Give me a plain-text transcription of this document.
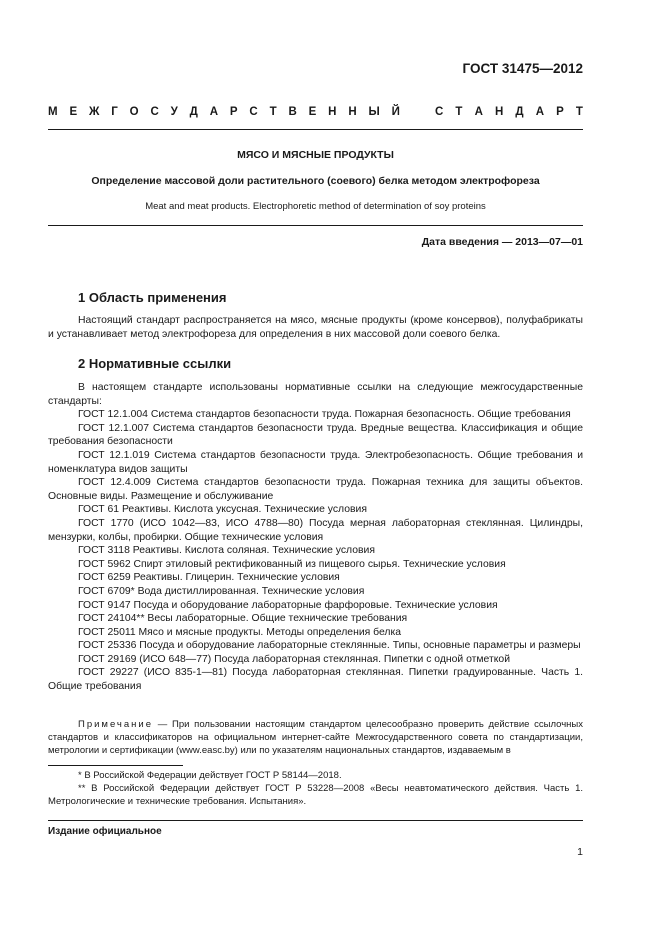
ГОСТ 31475—2012
М Е Ж Г О С У Д А Р С Т В Е Н Н Ы Й	С Т А Н Д А Р Т
МЯСО И МЯСНЫЕ ПРОДУКТЫ
Определение массовой доли растительного (соевого) белка методом электрофореза
Meat and meat products. Electrophoretic method of determination of soy proteins
Дата введения — 2013—07—01
1 Область применения

Настоящий стандарт распространяется на мясо, мясные продукты (кроме консервов), полуфабрикаты и устанавливает метод электрофореза для определения в них массовой доли соевого белка.

2 Нормативные ссылки

В настоящем стандарте использованы нормативные ссылки на следующие межгосударственные стандарты:

ГОСТ 12.1.004 Система стандартов безопасности труда. Пожарная безопасность. Общие требования

ГОСТ 12.1.007 Система стандартов безопасности труда. Вредные вещества. Классификация и общие требования безопасности

ГОСТ 12.1.019 Система стандартов безопасности труда. Электробезопасность. Общие требования и номенклатура видов защиты

ГОСТ 12.4.009 Система стандартов безопасности труда. Пожарная техника для защиты объектов. Основные виды. Размещение и обслуживание

ГОСТ 61 Реактивы. Кислота уксусная. Технические условия

ГОСТ 1770 (ИСО 1042—83, ИСО 4788—80) Посуда мерная лабораторная стеклянная. Цилиндры, мензурки, колбы, пробирки. Общие технические условия

ГОСТ 3118 Реактивы. Кислота соляная. Технические условия

ГОСТ 5962 Спирт этиловый ректификованный из пищевого сырья. Технические условия

ГОСТ 6259 Реактивы. Глицерин. Технические условия

ГОСТ 6709* Вода дистиллированная. Технические условия

ГОСТ 9147 Посуда и оборудование лабораторные фарфоровые. Технические условия

ГОСТ 24104** Весы лабораторные. Общие технические требования

ГОСТ 25011 Мясо и мясные продукты. Методы определения белка

ГОСТ 25336 Посуда и оборудование лабораторные стеклянные. Типы, основные параметры и размеры

ГОСТ 29169 (ИСО 648—77) Посуда лабораторная стеклянная. Пипетки с одной отметкой

ГОСТ 29227 (ИСО 835-1—81) Посуда лабораторная стеклянная. Пипетки градуированные. Часть 1. Общие требования

Примечание — При пользовании настоящим стандартом целесообразно проверить действие ссылочных стандартов и классификаторов на официальном интернет-сайте Межгосударственного совета по стандартизации, метрологии и сертификации (www.easc.by) или по указателям национальных стандартов, издаваемым в

* В Российской Федерации действует ГОСТ Р 58144—2018.

** В Российской Федерации действует ГОСТ Р 53228—2008 «Весы неавтоматического действия. Часть 1. Метрологические и технические требования. Испытания».

Издание официальное
1
